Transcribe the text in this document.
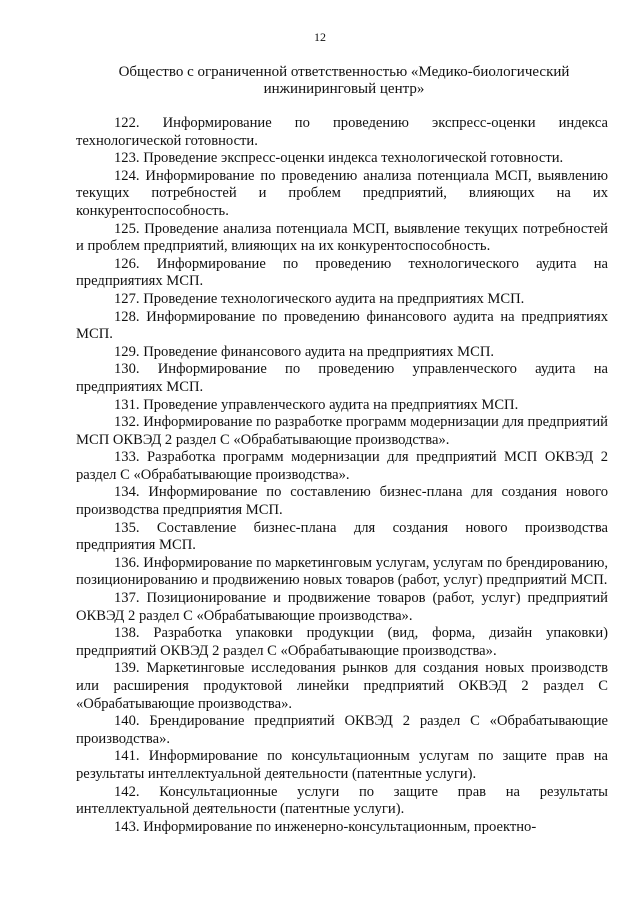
12
Общество с ограниченной ответственностью «Медико-биологический инжиниринговый центр»

122. Информирование по проведению экспресс-оценки индекса технологической готовности.

123. Проведение экспресс-оценки индекса технологической готовности.

124. Информирование по проведению анализа потенциала МСП, выявлению текущих потребностей и проблем предприятий, влияющих на их конкурентоспособность.

125. Проведение анализа потенциала МСП, выявление текущих потребностей и проблем предприятий, влияющих на их конкурентоспособность.

126. Информирование по проведению технологического аудита на предприятиях МСП.

127. Проведение технологического аудита на предприятиях МСП.

128. Информирование по проведению финансового аудита на предприятиях МСП.

129. Проведение финансового аудита на предприятиях МСП.

130. Информирование по проведению управленческого аудита на предприятиях МСП.

131. Проведение управленческого аудита на предприятиях МСП.

132. Информирование по разработке программ модернизации для предприятий МСП ОКВЭД 2 раздел С «Обрабатывающие производства».

133. Разработка программ модернизации для предприятий МСП ОКВЭД 2 раздел С «Обрабатывающие производства».

134. Информирование по составлению бизнес-плана для создания нового производства предприятия МСП.

135. Составление бизнес-плана для создания нового производства предприятия МСП.

136. Информирование по маркетинговым услугам, услугам по брендированию, позиционированию и продвижению новых товаров (работ, услуг) предприятий МСП.

137. Позиционирование и продвижение товаров (работ, услуг) предприятий ОКВЭД 2 раздел С «Обрабатывающие производства».

138. Разработка упаковки продукции (вид, форма, дизайн упаковки) предприятий ОКВЭД 2 раздел С «Обрабатывающие производства».

139. Маркетинговые исследования рынков для создания новых производств или расширения продуктовой линейки предприятий ОКВЭД 2 раздел С «Обрабатывающие производства».

140. Брендирование предприятий ОКВЭД 2 раздел С «Обрабатывающие производства».

141. Информирование по консультационным услугам по защите прав на результаты интеллектуальной деятельности (патентные услуги).

142. Консультационные услуги по защите прав на результаты интеллектуальной деятельности (патентные услуги).

143. Информирование по инженерно-консультационным, проектно-
